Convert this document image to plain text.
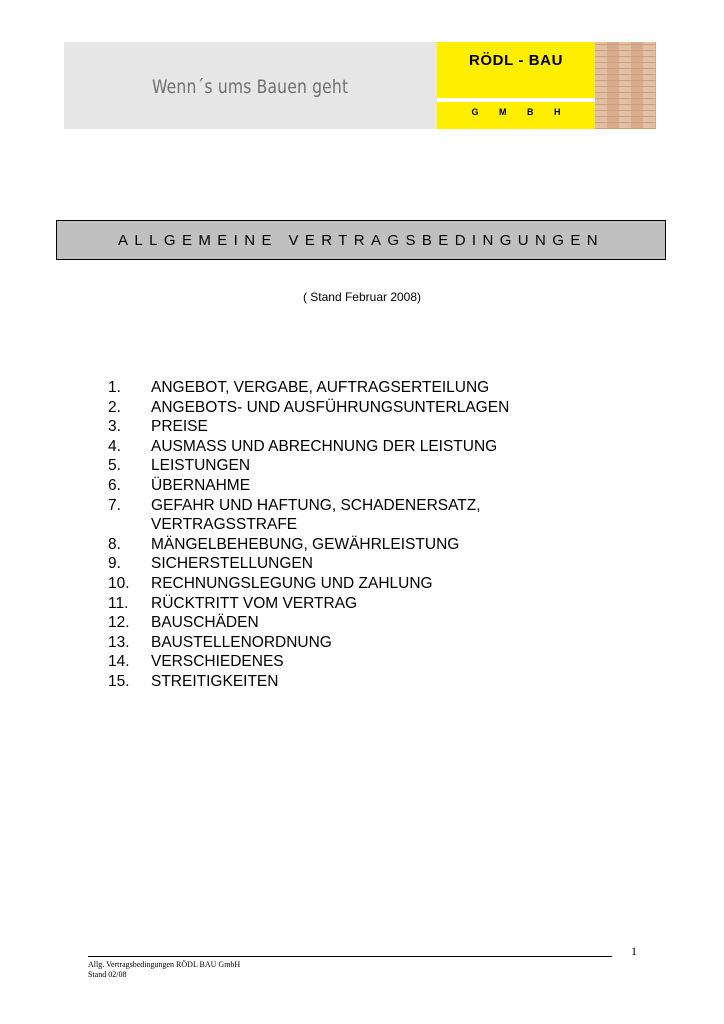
Wenn´s ums Bauen geht
RÖDL - BAU
G M B H
ALLGEMEINE VERTRAGSBEDINGUNGEN
( Stand Februar 2008)
1.	ANGEBOT, VERGABE, AUFTRAGSERTEILUNG
2.	ANGEBOTS- UND AUSFÜHRUNGSUNTERLAGEN
3.	PREISE
4.	AUSMASS UND ABRECHNUNG DER LEISTUNG
5.	LEISTUNGEN
6.	ÜBERNAHME
7.	GEFAHR UND HAFTUNG, SCHADENERSATZ,
VERTRAGSSTRAFE
8.	MÄNGELBEHEBUNG, GEWÄHRLEISTUNG
9.	SICHERSTELLUNGEN
10.	RECHNUNGSLEGUNG UND ZAHLUNG
11.	RÜCKTRITT VOM VERTRAG
12.	BAUSCHÄDEN
13.	BAUSTELLENORDNUNG
14.	VERSCHIEDENES
15.	STREITIGKEITEN
1
Allg. Vertragsbedingungen RÖDL BAU GmbH
Stand 02/08
